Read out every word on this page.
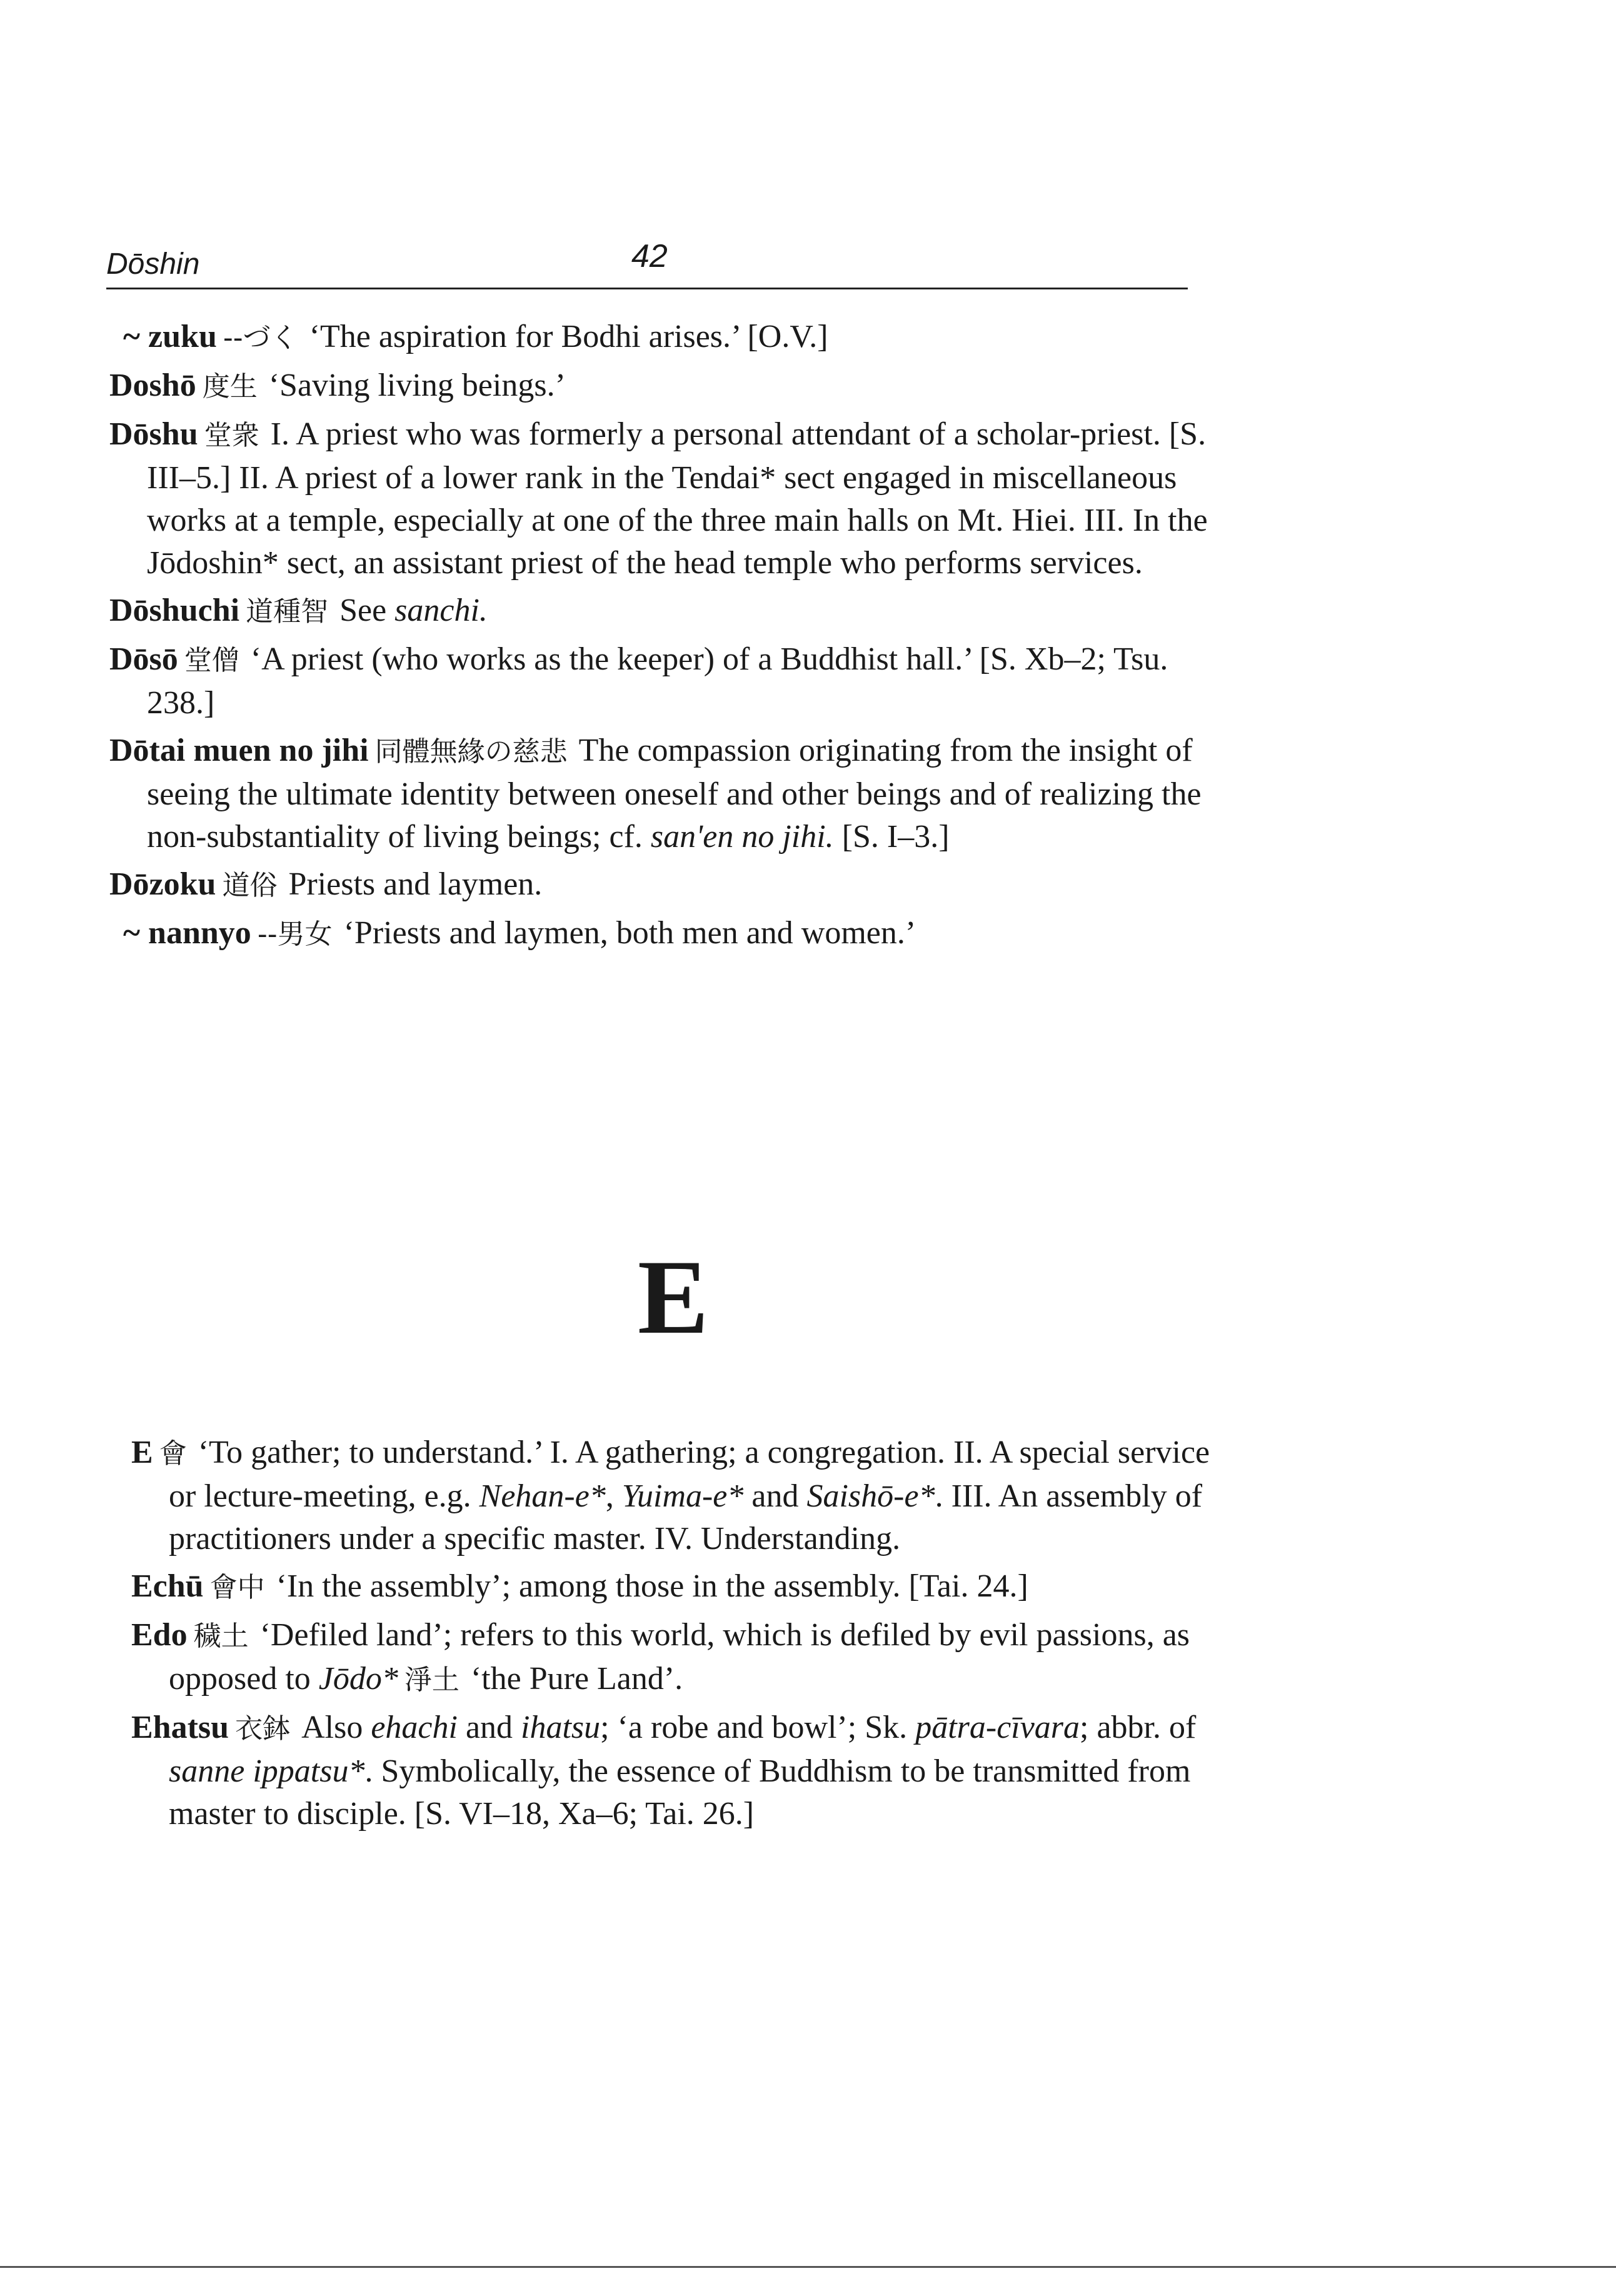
Dōshin	42

~ zuku --づく ‘The aspiration for Bodhi arises.’ [O.V.]

Doshō 度生 ‘Saving living beings.’

Dōshu 堂衆 I. A priest who was formerly a personal attendant of a scholar-priest. [S. III–5.] II. A priest of a lower rank in the Tendai* sect engaged in miscellaneous works at a temple, especially at one of the three main halls on Mt. Hiei. III. In the Jōdoshin* sect, an assistant priest of the head temple who performs services.

Dōshuchi 道種智 See sanchi.

Dōsō 堂僧 ‘A priest (who works as the keeper) of a Buddhist hall.’ [S. Xb–2; Tsu. 238.]

Dōtai muen no jihi 同體無緣の慈悲 The compassion originating from the insight of seeing the ultimate identity between oneself and other beings and of realizing the non-substantiality of living beings; cf. san'en no jihi. [S. I–3.]

Dōzoku 道俗 Priests and laymen.

~ nannyo --男女 ‘Priests and laymen, both men and women.’

E

E 會 ‘To gather; to understand.’ I. A gathering; a congregation. II. A special service or lecture-meeting, e.g. Nehan-e*, Yuima-e* and Saishō-e*. III. An assembly of practitioners under a specific master. IV. Understanding.

Echū 會中 ‘In the assembly’; among those in the assembly. [Tai. 24.]

Edo 穢土 ‘Defiled land’; refers to this world, which is defiled by evil passions, as opposed to Jōdo* 淨土 ‘the Pure Land’.

Ehatsu 衣鉢 Also ehachi and ihatsu; ‘a robe and bowl’; Sk. pātra-cīvara; abbr. of sanne ippatsu*. Symbolically, the essence of Buddhism to be transmitted from master to disciple. [S. VI–18, Xa–6; Tai. 26.]
